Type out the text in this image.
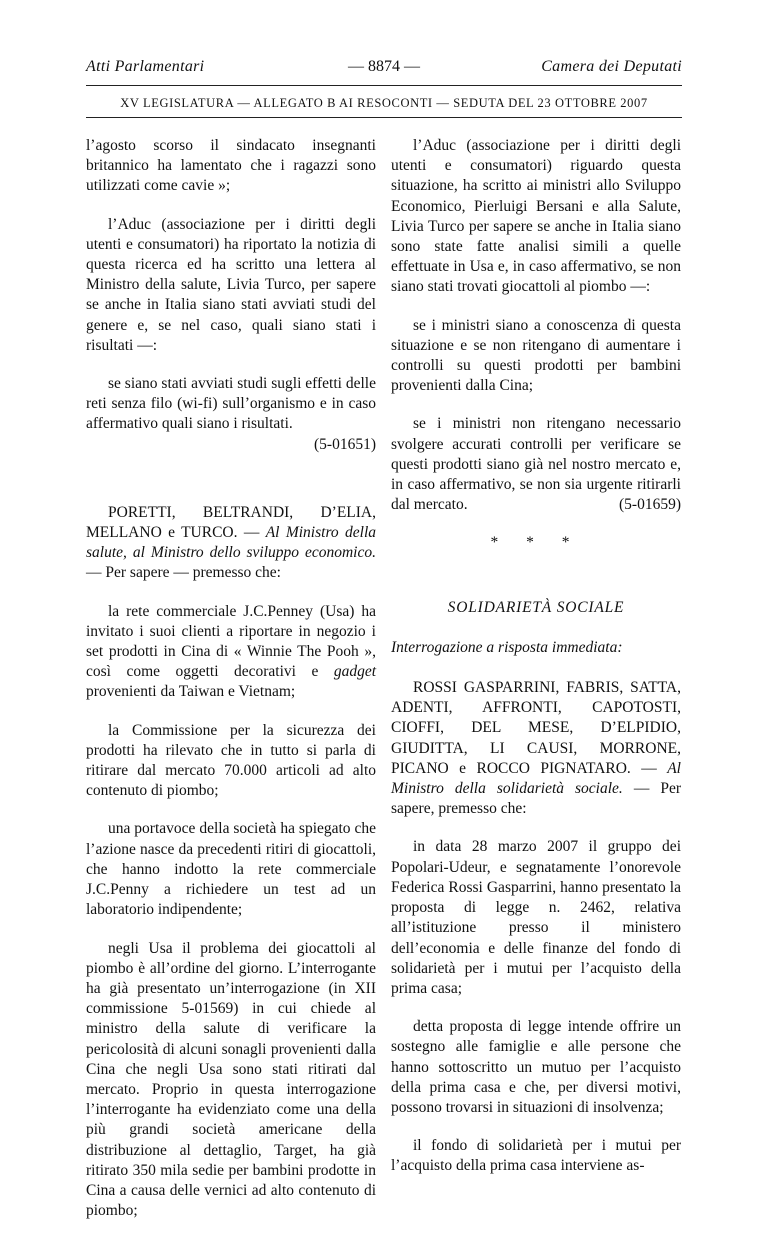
Atti Parlamentari	— 8874 —	Camera dei Deputati
XV LEGISLATURA — ALLEGATO B AI RESOCONTI — SEDUTA DEL 23 OTTOBRE 2007

l’agosto scorso il sindacato insegnanti britannico ha lamentato che i ragazzi sono utilizzati come cavie »;

l’Aduc (associazione per i diritti degli utenti e consumatori) ha riportato la notizia di questa ricerca ed ha scritto una lettera al Ministro della salute, Livia Turco, per sapere se anche in Italia siano stati avviati studi del genere e, se nel caso, quali siano stati i risultati —:

se siano stati avviati studi sugli effetti delle reti senza filo (wi-fi) sull’organismo e in caso affermativo quali siano i risultati.
(5-01651)

PORETTI, BELTRANDI, D’ELIA, MELLANO e TURCO. — Al Ministro della salute, al Ministro dello sviluppo economico. — Per sapere — premesso che:

la rete commerciale J.C.Penney (Usa) ha invitato i suoi clienti a riportare in negozio i set prodotti in Cina di « Winnie The Pooh », così come oggetti decorativi e gadget provenienti da Taiwan e Vietnam;

la Commissione per la sicurezza dei prodotti ha rilevato che in tutto si parla di ritirare dal mercato 70.000 articoli ad alto contenuto di piombo;

una portavoce della società ha spiegato che l’azione nasce da precedenti ritiri di giocattoli, che hanno indotto la rete commerciale J.C.Penny a richiedere un test ad un laboratorio indipendente;

negli Usa il problema dei giocattoli al piombo è all’ordine del giorno. L’interrogante ha già presentato un’interrogazione (in XII commissione 5-01569) in cui chiede al ministro della salute di verificare la pericolosità di alcuni sonagli provenienti dalla Cina che negli Usa sono stati ritirati dal mercato. Proprio in questa interrogazione l’interrogante ha evidenziato come una della più grandi società americane della distribuzione al dettaglio, Target, ha già ritirato 350 mila sedie per bambini prodotte in Cina a causa delle vernici ad alto contenuto di piombo;

l’Aduc (associazione per i diritti degli utenti e consumatori) riguardo questa situazione, ha scritto ai ministri allo Sviluppo Economico, Pierluigi Bersani e alla Salute, Livia Turco per sapere se anche in Italia siano sono state fatte analisi simili a quelle effettuate in Usa e, in caso affermativo, se non siano stati trovati giocattoli al piombo —:

se i ministri siano a conoscenza di questa situazione e se non ritengano di aumentare i controlli su questi prodotti per bambini provenienti dalla Cina;

se i ministri non ritengano necessario svolgere accurati controlli per verificare se questi prodotti siano già nel nostro mercato e, in caso affermativo, se non sia urgente ritirarli dal mercato.	(5-01659)

* * *

SOLIDARIETÀ SOCIALE

Interrogazione a risposta immediata:

ROSSI GASPARRINI, FABRIS, SATTA, ADENTI, AFFRONTI, CAPOTOSTI, CIOFFI, DEL MESE, D’ELPIDIO, GIUDITTA, LI CAUSI, MORRONE, PICANO e ROCCO PIGNATARO. — Al Ministro della solidarietà sociale. — Per sapere, premesso che:

in data 28 marzo 2007 il gruppo dei Popolari-Udeur, e segnatamente l’onorevole Federica Rossi Gasparrini, hanno presentato la proposta di legge n. 2462, relativa all’istituzione presso il ministero dell’economia e delle finanze del fondo di solidarietà per i mutui per l’acquisto della prima casa;

detta proposta di legge intende offrire un sostegno alle famiglie e alle persone che hanno sottoscritto un mutuo per l’acquisto della prima casa e che, per diversi motivi, possono trovarsi in situazioni di insolvenza;

il fondo di solidarietà per i mutui per l’acquisto della prima casa interviene as-
